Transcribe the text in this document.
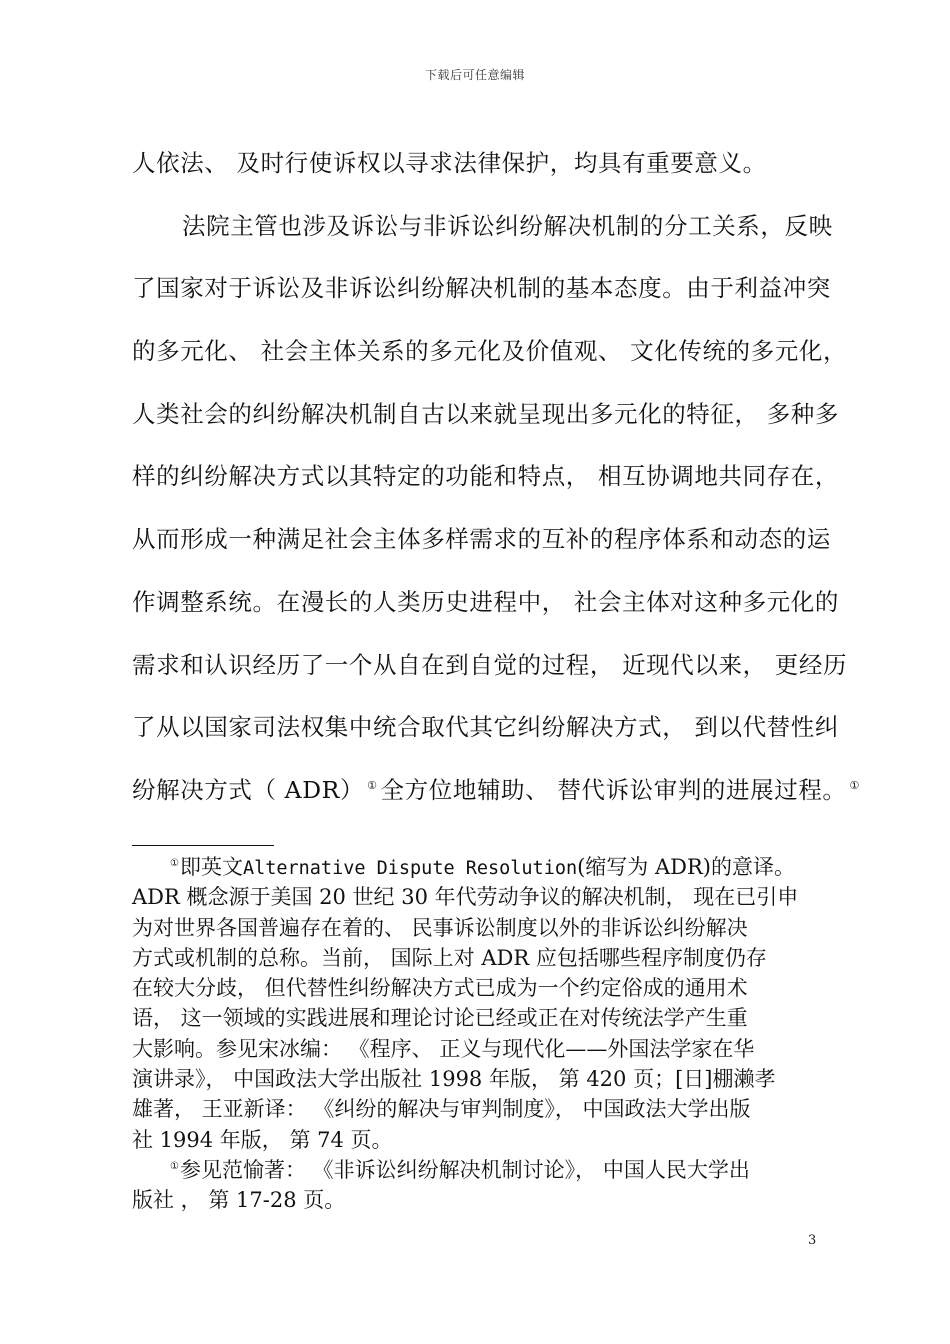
下载后可任意编辑
人依法、 及时行使诉权以寻求法律保护，均具有重要意义。
法院主管也涉及诉讼与非诉讼纠纷解决机制的分工关系，反映
了国家对于诉讼及非诉讼纠纷解决机制的基本态度。由于利益冲突
的多元化、 社会主体关系的多元化及价值观、 文化传统的多元化，
人类社会的纠纷解决机制自古以来就呈现出多元化的特征， 多种多
样的纠纷解决方式以其特定的功能和特点， 相互协调地共同存在，
从而形成一种满足社会主体多样需求的互补的程序体系和动态的运
作调整系统。在漫长的人类历史进程中， 社会主体对这种多元化的
需求和认识经历了一个从自在到自觉的过程， 近现代以来， 更经历
了从以国家司法权集中统合取代其它纠纷解决方式， 到以代替性纠
纷解决方式（ ADR） ① 全方位地辅助、 替代诉讼审判的进展过程。 ①
①即英文Alternative Dispute Resolution(缩写为 ADR)的意译。
ADR 概念源于美国 20 世纪 30 年代劳动争议的解决机制， 现在已引申
为对世界各国普遍存在着的、 民事诉讼制度以外的非诉讼纠纷解决
方式或机制的总称。当前， 国际上对 ADR 应包括哪些程序制度仍存
在较大分歧， 但代替性纠纷解决方式已成为一个约定俗成的通用术
语， 这一领域的实践进展和理论讨论已经或正在对传统法学产生重
大影响。参见宋冰编： 《程序、 正义与现代化——外国法学家在华
演讲录》， 中国政法大学出版社 1998 年版， 第 420 页；[日]棚濑孝
雄著， 王亚新译： 《纠纷的解决与审判制度》， 中国政法大学出版
社 1994 年版， 第 74 页。
①参见范愉著： 《非诉讼纠纷解决机制讨论》， 中国人民大学出
版社 ， 第 17-28 页。
3
